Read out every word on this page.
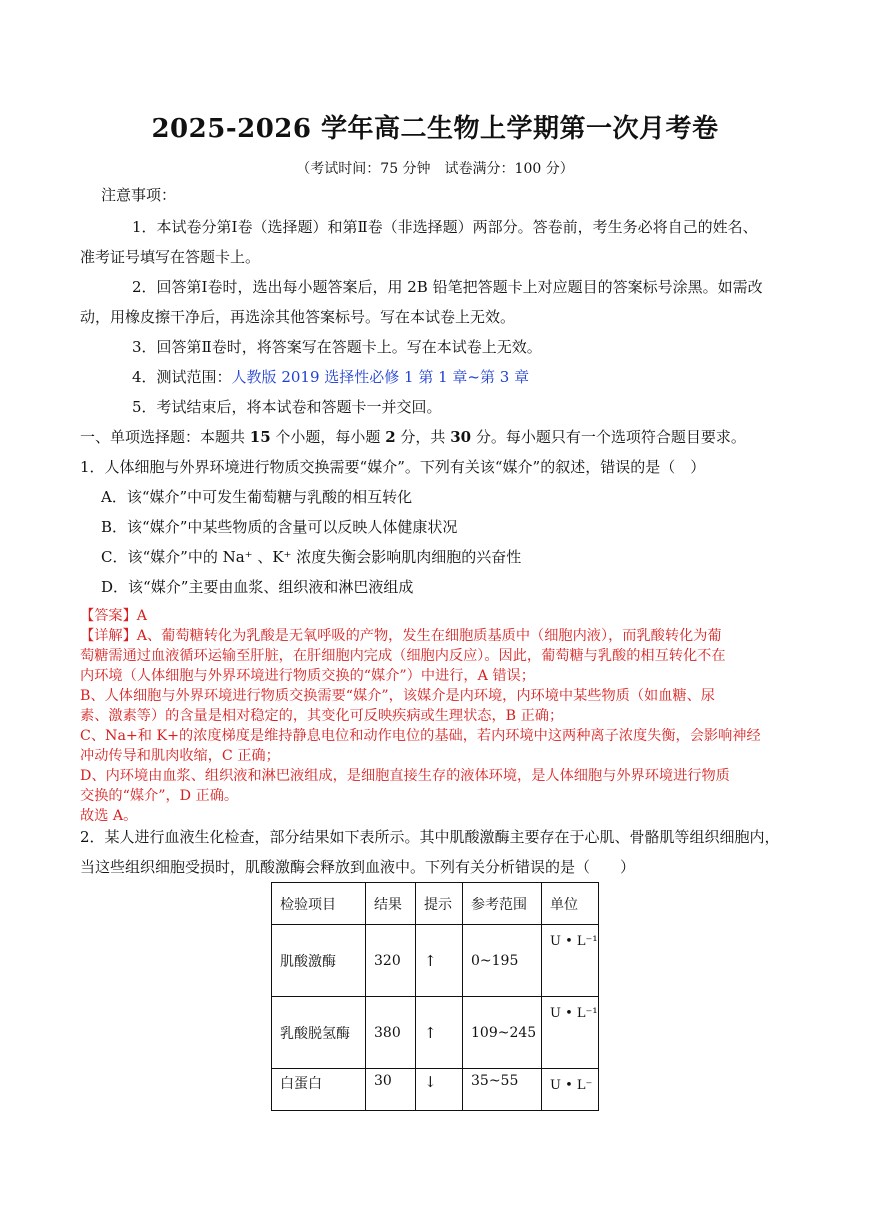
2025-2026 学年高二生物上学期第一次月考卷
（考试时间：75 分钟　试卷满分：100 分）
注意事项：
1．本试卷分第Ⅰ卷（选择题）和第Ⅱ卷（非选择题）两部分。答卷前，考生务必将自己的姓名、
准考证号填写在答题卡上。
2．回答第Ⅰ卷时，选出每小题答案后，用 2B 铅笔把答题卡上对应题目的答案标号涂黑。如需改
动，用橡皮擦干净后，再选涂其他答案标号。写在本试卷上无效。
3．回答第Ⅱ卷时，将答案写在答题卡上。写在本试卷上无效。
4．测试范围：人教版 2019 选择性必修 1 第 1 章~第 3 章
5．考试结束后，将本试卷和答题卡一并交回。
一、单项选择题：本题共 15 个小题，每小题 2 分，共 30 分。每小题只有一个选项符合题目要求。
1．人体细胞与外界环境进行物质交换需要“媒介”。下列有关该“媒介”的叙述，错误的是（　）
A．该“媒介”中可发生葡萄糖与乳酸的相互转化
B．该“媒介”中某些物质的含量可以反映人体健康状况
C．该“媒介”中的 Na⁺ 、K⁺ 浓度失衡会影响肌肉细胞的兴奋性
D．该“媒介”主要由血浆、组织液和淋巴液组成
【答案】A
【详解】A、葡萄糖转化为乳酸是无氧呼吸的产物，发生在细胞质基质中（细胞内液），而乳酸转化为葡
萄糖需通过血液循环运输至肝脏，在肝细胞内完成（细胞内反应）。因此，葡萄糖与乳酸的相互转化不在
内环境（人体细胞与外界环境进行物质交换的“媒介”）中进行，A 错误；
B、人体细胞与外界环境进行物质交换需要“媒介”，该媒介是内环境，内环境中某些物质（如血糖、尿
素、激素等）的含量是相对稳定的，其变化可反映疾病或生理状态，B 正确；
C、Na+和 K+的浓度梯度是维持静息电位和动作电位的基础，若内环境中这两种离子浓度失衡，会影响神经
冲动传导和肌肉收缩，C 正确；
D、内环境由血浆、组织液和淋巴液组成，是细胞直接生存的液体环境，是人体细胞与外界环境进行物质
交换的“媒介”，D 正确。
故选 A。
2．某人进行血液生化检查，部分结果如下表所示。其中肌酸激酶主要存在于心肌、骨骼肌等组织细胞内，
当这些组织细胞受损时，肌酸激酶会释放到血液中。下列有关分析错误的是（　　）
检验项目	结果	提示	参考范围	单位
肌酸激酶	320	↑	0~195	U • L⁻¹
乳酸脱氢酶	380	↑	109~245	U • L⁻¹
白蛋白	30	↓	35~55	U • L⁻
